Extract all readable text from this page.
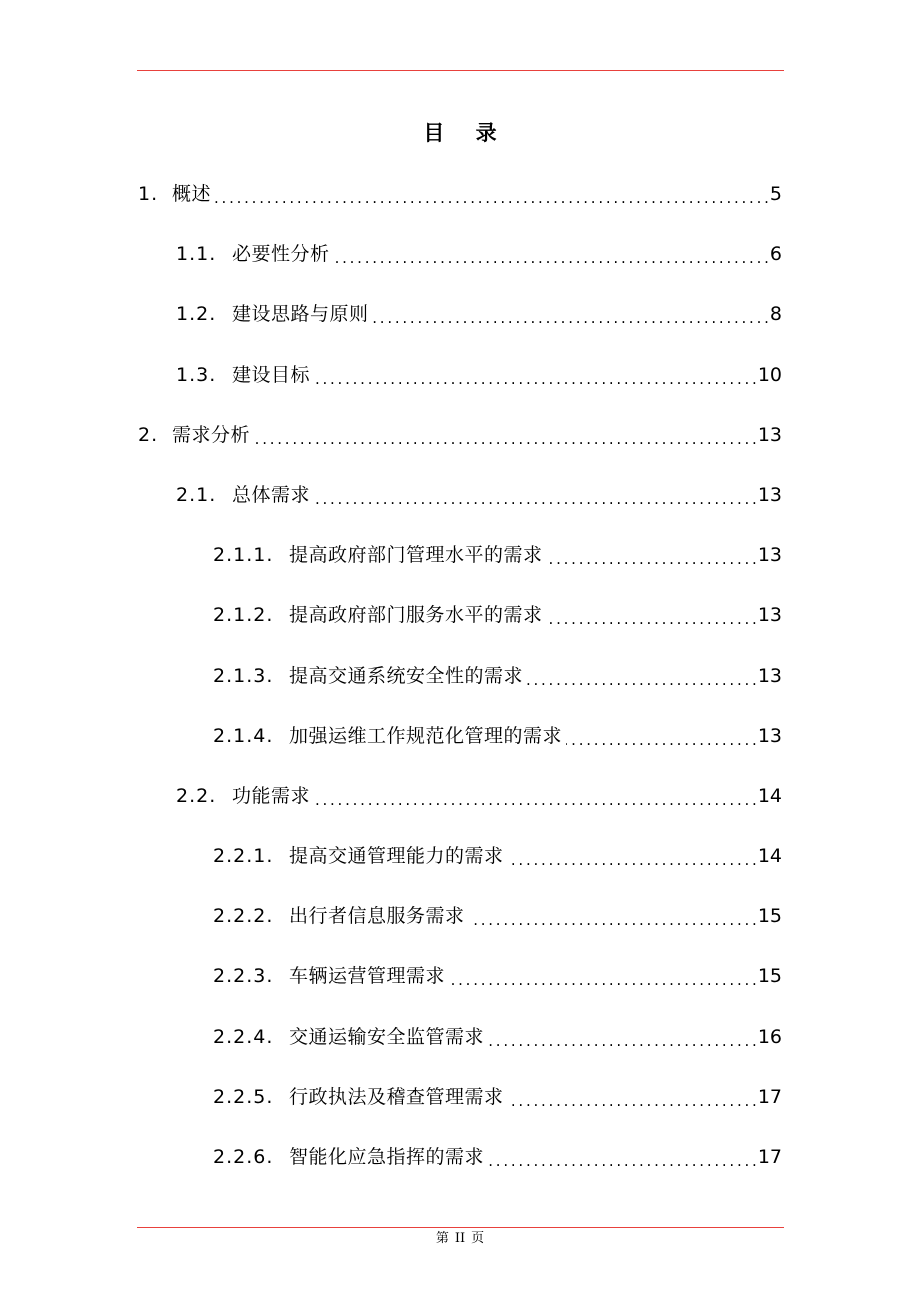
目 录
1. 概述 . . .	5
1.1. 必要性分析 . . .	6
1.2. 建设思路与原则 . . .	8
1.3. 建设目标 . . .	10
2. 需求分析 . . .	13
2.1. 总体需求 . . .	13
2.1.1. 提高政府部门管理水平的需求 . . .	13
2.1.2. 提高政府部门服务水平的需求 . . .	13
2.1.3. 提高交通系统安全性的需求 . . .	13
2.1.4. 加强运维工作规范化管理的需求 . . .	13
2.2. 功能需求 . . .	14
2.2.1. 提高交通管理能力的需求 . . .	14
2.2.2. 出行者信息服务需求 . . .	15
2.2.3. 车辆运营管理需求 . . .	15
2.2.4. 交通运输安全监管需求 . . .	16
2.2.5. 行政执法及稽查管理需求 . . .	17
2.2.6. 智能化应急指挥的需求 . . .	17
第 II 页
